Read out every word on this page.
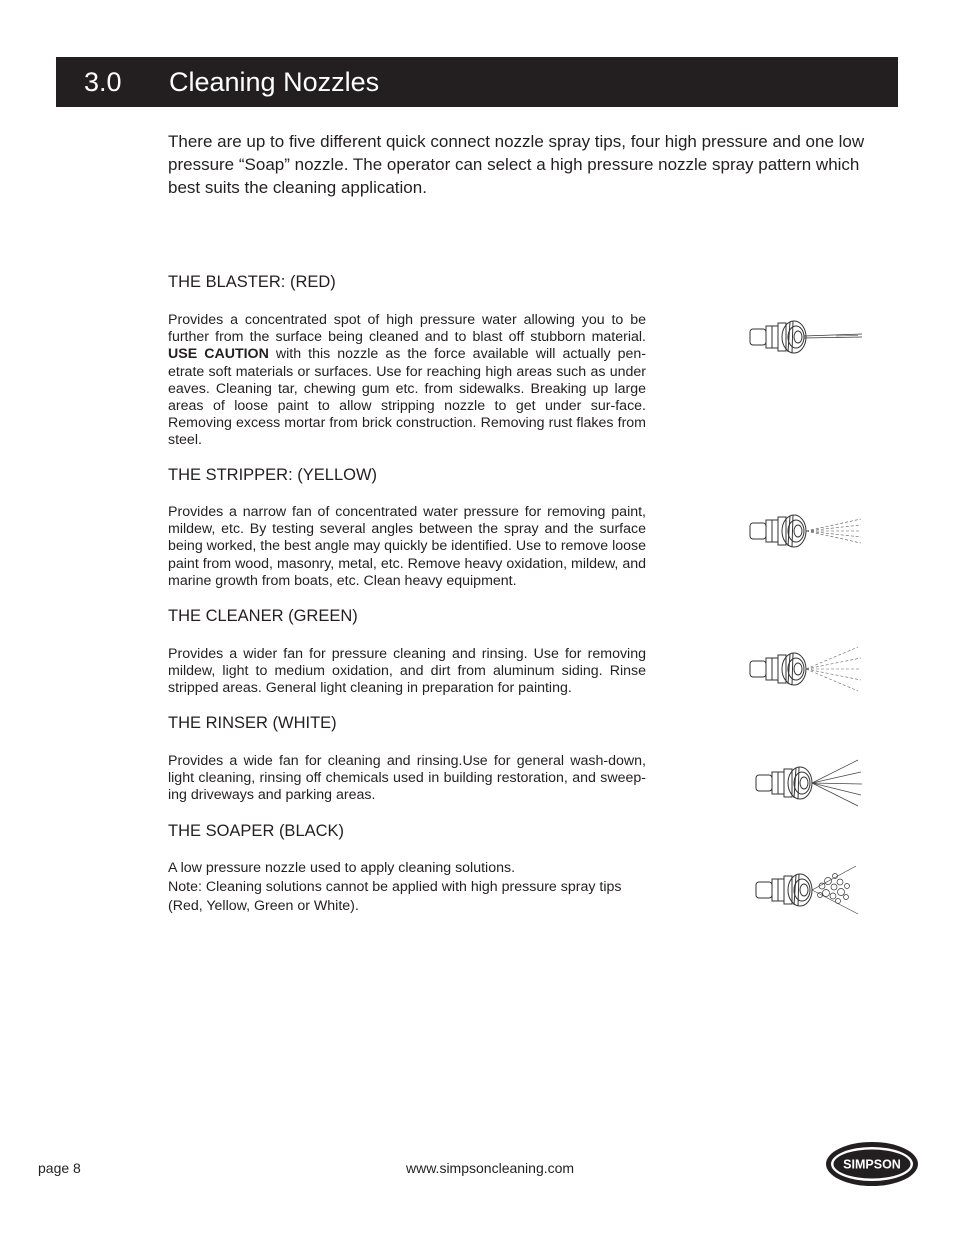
3.0 Cleaning Nozzles

There are up to five different quick connect nozzle spray tips, four high pressure and one low pressure “Soap” nozzle. The operator can select a high pressure nozzle spray pattern which best suits the cleaning application.

THE BLASTER: (RED)

Provides a concentrated spot of high pressure water allowing you to be further from the surface being cleaned and to blast off stubborn material. USE CAUTION with this nozzle as the force available will actually pen-etrate soft materials or surfaces. Use for reaching high areas such as under eaves. Cleaning tar, chewing gum etc. from sidewalks. Breaking up large areas of loose paint to allow stripping nozzle to get under sur-face. Removing excess mortar from brick construction. Removing rust flakes from steel.

THE STRIPPER: (YELLOW)

Provides a narrow fan of concentrated water pressure for removing paint, mildew, etc. By testing several angles between the spray and the surface being worked, the best angle may quickly be identified. Use to remove loose paint from wood, masonry, metal, etc. Remove heavy oxidation, mildew, and marine growth from boats, etc. Clean heavy equipment.

THE CLEANER (GREEN)

Provides a wider fan for pressure cleaning and rinsing. Use for removing mildew, light to medium oxidation, and dirt from aluminum siding. Rinse stripped areas. General light cleaning in preparation for painting.

THE RINSER (WHITE)

Provides a wide fan for cleaning and rinsing.Use for general wash-down, light cleaning, rinsing off chemicals used in building restoration, and sweep-ing driveways and parking areas.

THE SOAPER (BLACK)

A low pressure nozzle used to apply cleaning solutions.

Note: Cleaning solutions cannot be applied with high pressure spray tips (Red, Yellow, Green or White).

page 8	www.simpsoncleaning.com	SIMPSON
